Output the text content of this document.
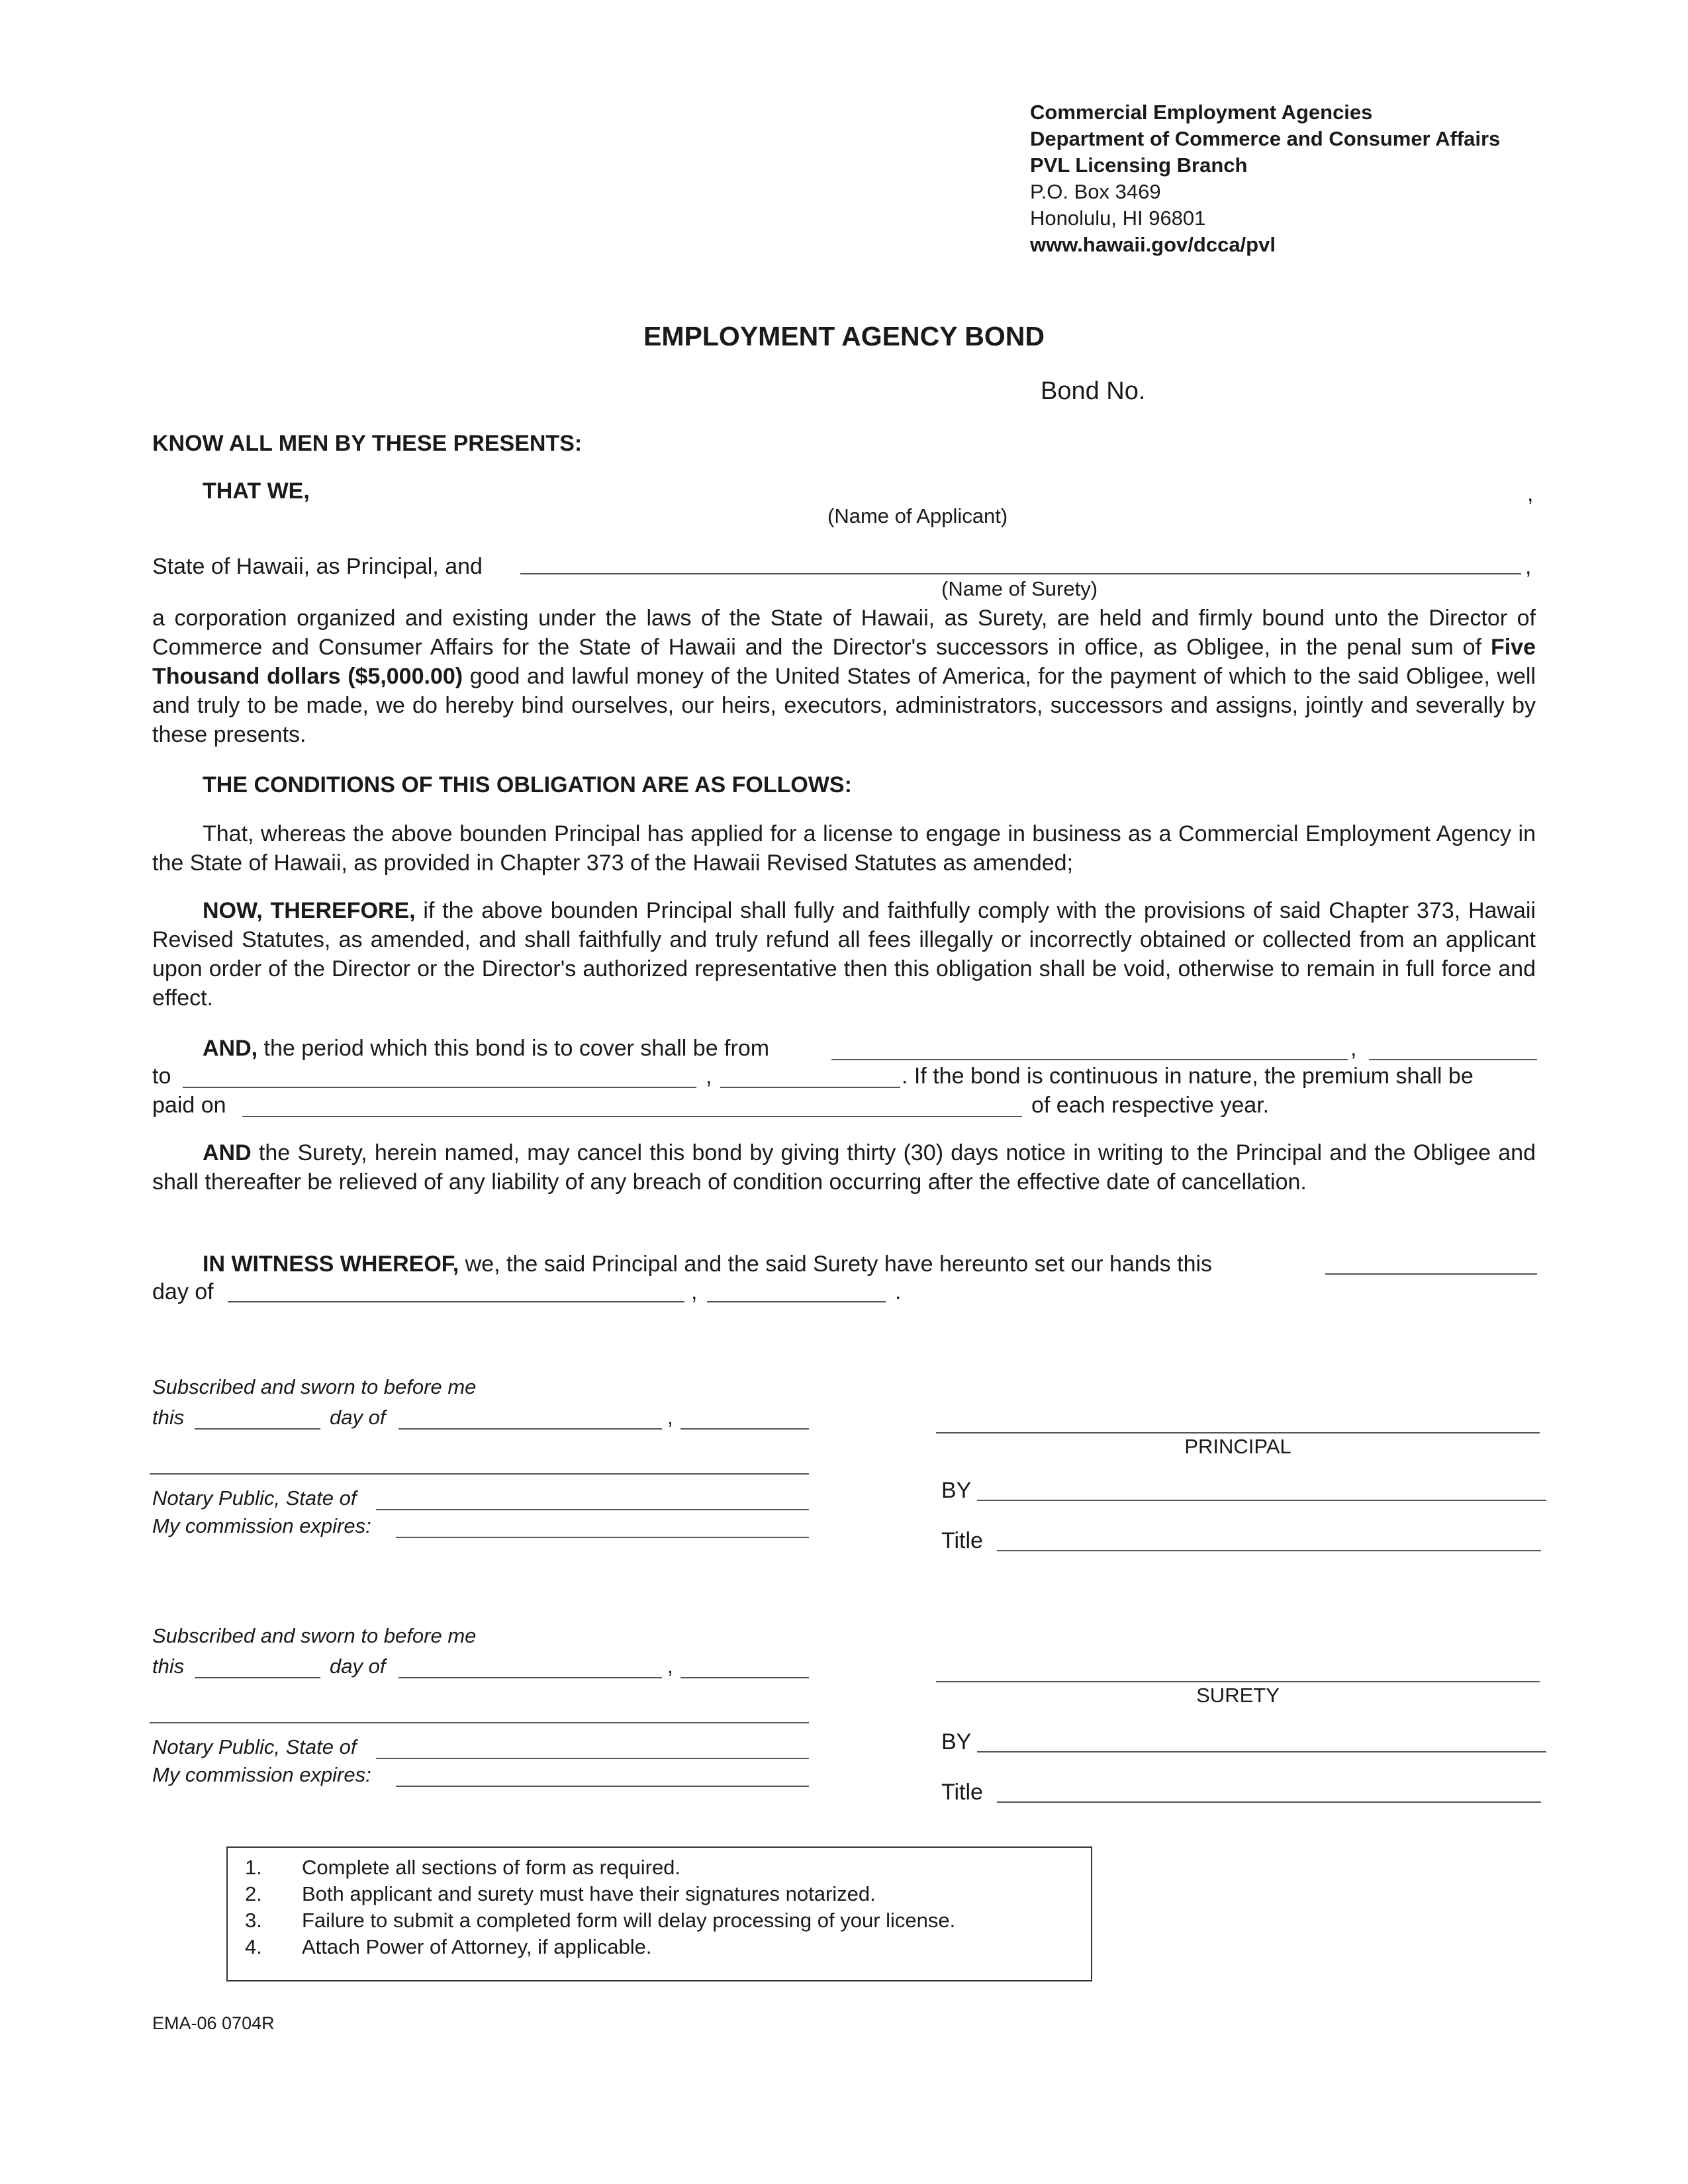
Commercial Employment Agencies
Department of Commerce and Consumer Affairs
PVL Licensing Branch
P.O. Box 3469
Honolulu, HI 96801
www.hawaii.gov/dcca/pvl
EMPLOYMENT AGENCY BOND
Bond No.
KNOW ALL MEN BY THESE PRESENTS:
THAT WE,	,
(Name of Applicant)
State of Hawaii, as Principal, and	,
(Name of Surety)

a corporation organized and existing under the laws of the State of Hawaii, as Surety, are held and firmly bound unto the Director of Commerce and Consumer Affairs for the State of Hawaii and the Director's successors in office, as Obligee, in the penal sum of Five Thousand dollars ($5,000.00) good and lawful money of the United States of America, for the payment of which to the said Obligee, well and truly to be made, we do hereby bind ourselves, our heirs, executors, administrators, successors and assigns, jointly and severally by these presents.

THE CONDITIONS OF THIS OBLIGATION ARE AS FOLLOWS:

That, whereas the above bounden Principal has applied for a license to engage in business as a Commercial Employment Agency in the State of Hawaii, as provided in Chapter 373 of the Hawaii Revised Statutes as amended;

NOW, THEREFORE, if the above bounden Principal shall fully and faithfully comply with the provisions of said Chapter 373, Hawaii Revised Statutes, as amended, and shall faithfully and truly refund all fees illegally or incorrectly obtained or collected from an applicant upon order of the Director or the Director's authorized representative then this obligation shall be void, otherwise to remain in full force and effect.

AND, the period which this bond is to cover shall be from	,
to	,	. If the bond is continuous in nature, the premium shall be
paid on	of each respective year.

AND the Surety, herein named, may cancel this bond by giving thirty (30) days notice in writing to the Principal and the Obligee and shall thereafter be relieved of any liability of any breach of condition occurring after the effective date of cancellation.

IN WITNESS WHEREOF, we, the said Principal and the said Surety have hereunto set our hands this
day of	,	.
Subscribed and sworn to before me
this	day of	,
Notary Public, State of
My commission expires:
PRINCIPAL
BY
Title
Subscribed and sworn to before me
this	day of	,
Notary Public, State of
My commission expires:
SURETY
BY
Title
1.	Complete all sections of form as required.
2.	Both applicant and surety must have their signatures notarized.
3.	Failure to submit a completed form will delay processing of your license.
4.	Attach Power of Attorney, if applicable.
EMA-06 0704R
